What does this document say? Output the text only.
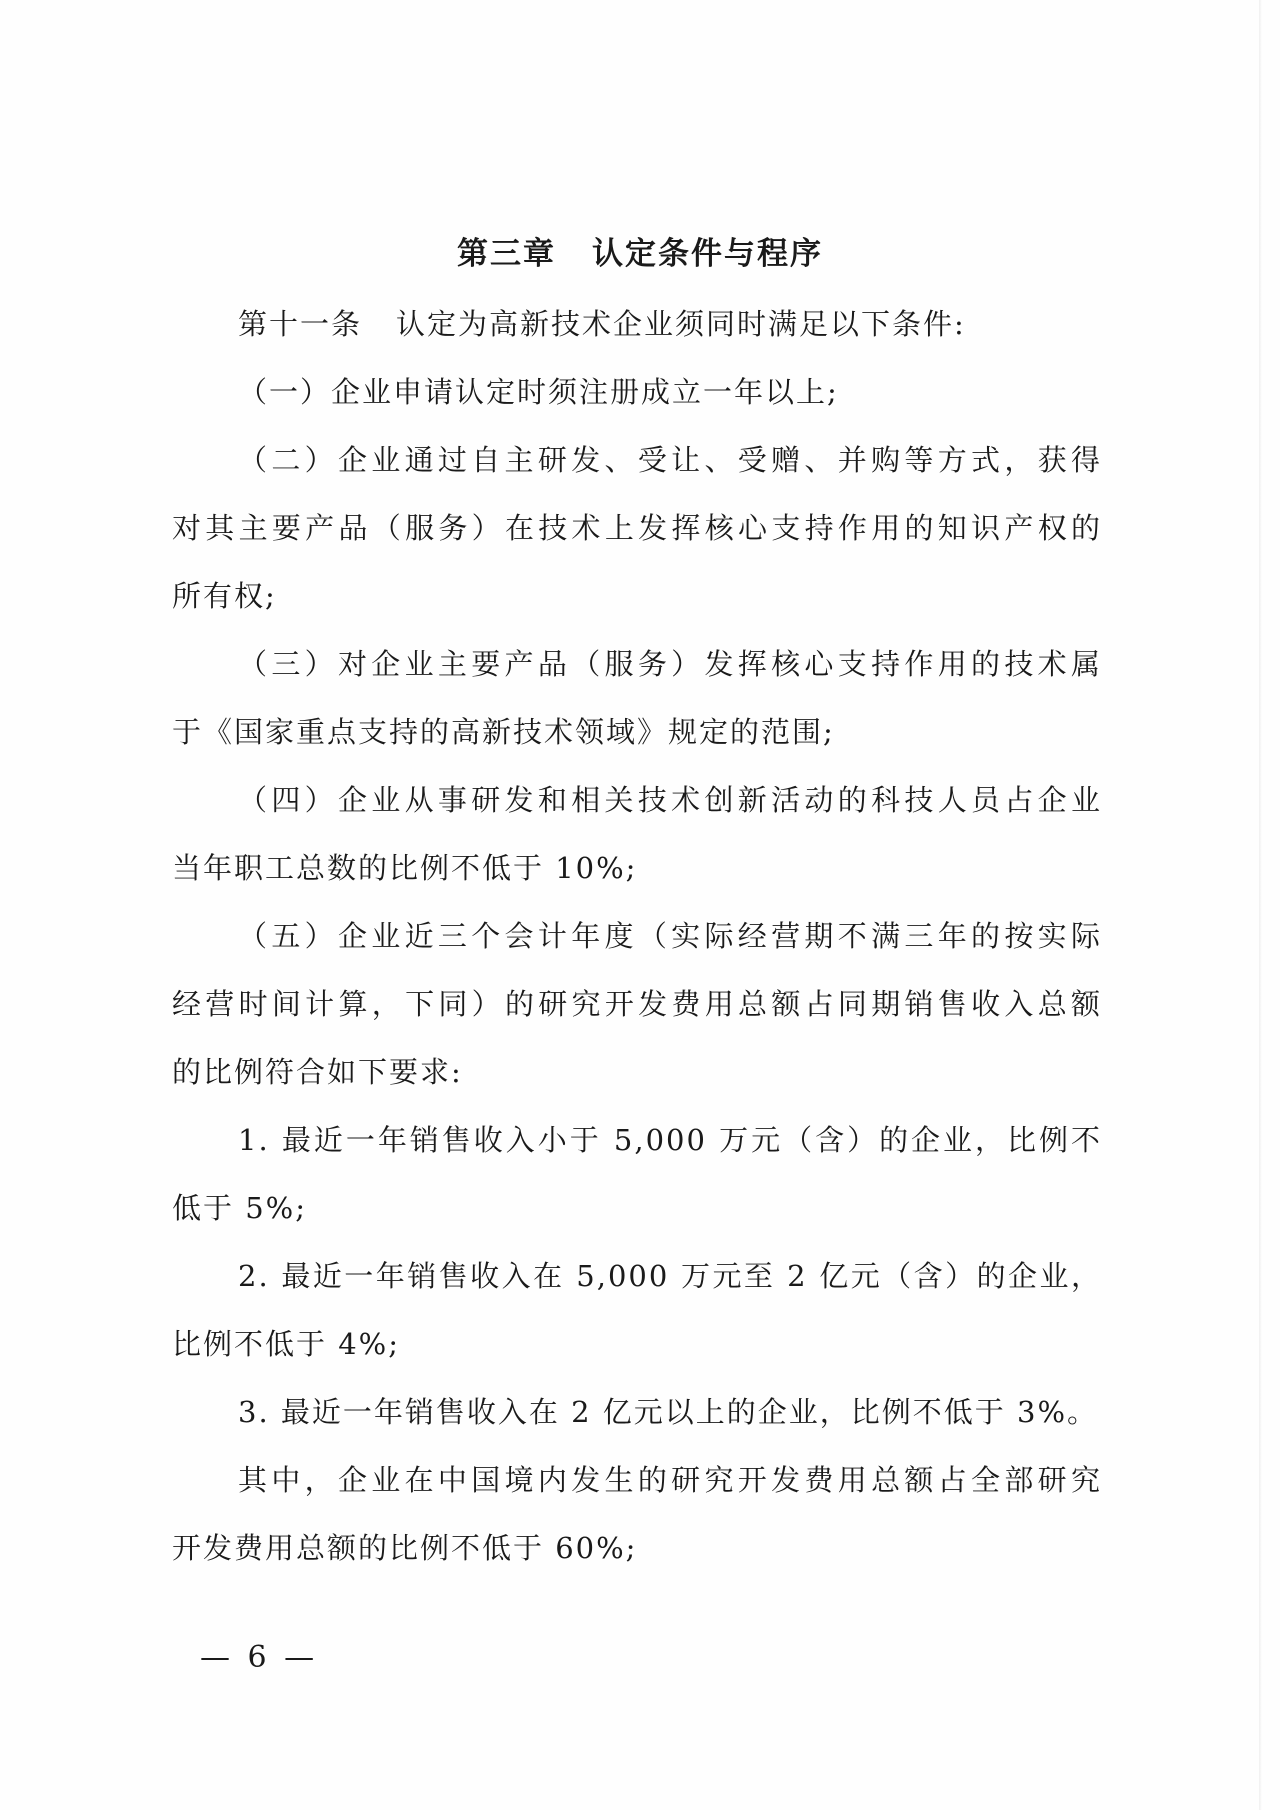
第三章 认定条件与程序
第十一条 认定为高新技术企业须同时满足以下条件:
（一）企业申请认定时须注册成立一年以上;
（二）企业通过自主研发、受让、受赠、并购等方式，获得
对其主要产品（服务）在技术上发挥核心支持作用的知识产权的
所有权;
（三）对企业主要产品（服务）发挥核心支持作用的技术属
于《国家重点支持的高新技术领域》规定的范围;
（四）企业从事研发和相关技术创新活动的科技人员占企业
当年职工总数的比例不低于 10%;
（五）企业近三个会计年度（实际经营期不满三年的按实际
经营时间计算，下同）的研究开发费用总额占同期销售收入总额
的比例符合如下要求:
1. 最近一年销售收入小于 5,000 万元（含）的企业，比例不
低于 5%;
2. 最近一年销售收入在 5,000 万元至 2 亿元（含）的企业，
比例不低于 4%;
3. 最近一年销售收入在 2 亿元以上的企业，比例不低于 3%。
其中，企业在中国境内发生的研究开发费用总额占全部研究
开发费用总额的比例不低于 60%;
— 6 —
